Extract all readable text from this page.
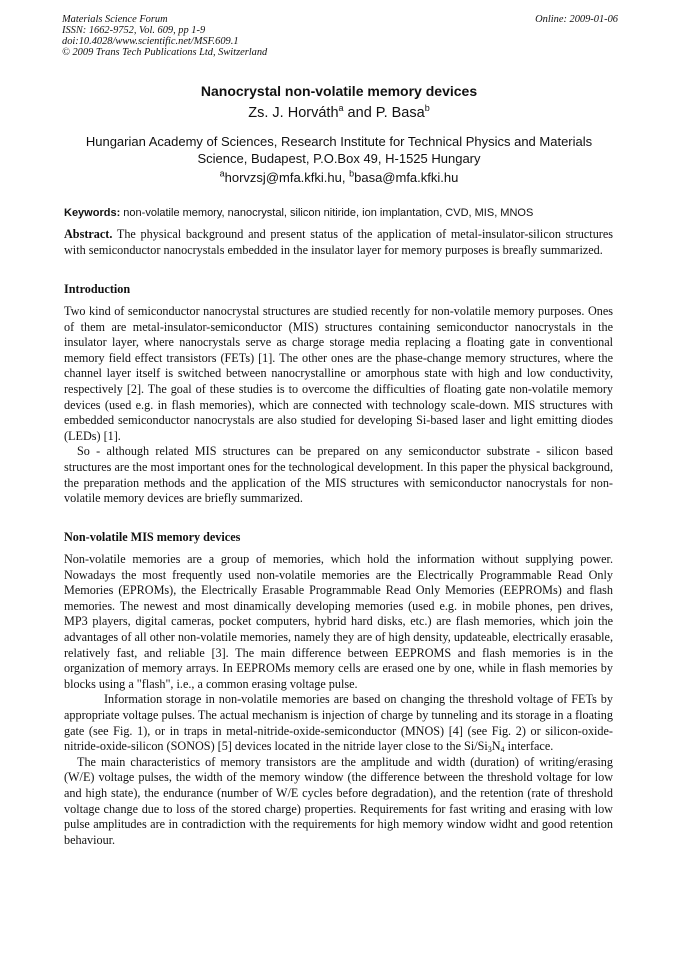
Materials Science Forum
ISSN: 1662-9752, Vol. 609, pp 1-9
doi:10.4028/www.scientific.net/MSF.609.1
© 2009 Trans Tech Publications Ltd, Switzerland
Online: 2009-01-06
Nanocrystal non-volatile memory devices
Zs. J. Horváth$^a$ and P. Basa$^b$
Hungarian Academy of Sciences, Research Institute for Technical Physics and Materials Science, Budapest, P.O.Box 49, H-1525 Hungary
$^a$horvzsj@mfa.kfki.hu, $^b$basa@mfa.kfki.hu
Keywords: non-volatile memory, nanocrystal, silicon nitiride, ion implantation, CVD, MIS, MNOS

Abstract. The physical background and present status of the application of metal-insulator-silicon structures with semiconductor nanocrystals embedded in the insulator layer for memory purposes is breafly summarized.

Introduction

Two kind of semiconductor nanocrystal structures are studied recently for non-volatile memory purposes. Ones of them are metal-insulator-semiconductor (MIS) structures containing semiconductor nanocrystals in the insulator layer, where nanocrystals serve as charge storage media replacing a floating gate in conventional memory field effect transistors (FETs) [1]. The other ones are the phase-change memory structures, where the channel layer itself is switched between nanocrystalline or amorphous state with high and low conductivity, respectively [2]. The goal of these studies is to overcome the difficulties of floating gate non-volatile memory devices (used e.g. in flash memories), which are connected with technology scale-down. MIS structures with embedded semiconductor nanocrystals are also studied for developing Si-based laser and light emitting diodes (LEDs) [1].

So - although related MIS structures can be prepared on any semiconductor substrate - silicon based structures are the most important ones for the technological development. In this paper the physical background, the preparation methods and the application of the MIS structures with semiconductor nanocrystals for non-volatile memory devices are briefly summarized.

Non-volatile MIS memory devices

Non-volatile memories are a group of memories, which hold the information without supplying power. Nowadays the most frequently used non-volatile memories are the Electrically Programmable Read Only Memories (EPROMs), the Electrically Erasable Programmable Read Only Memories (EEPROMs) and flash memories. The newest and most dinamically developing memories (used e.g. in mobile phones, pen drives, MP3 players, digital cameras, pocket computers, hybrid hard disks, etc.) are flash memories, which join the advantages of all other non-volatile memories, namely they are of high density, updateable, electrically erasable, relatively fast, and reliable [3]. The main difference between EEPROMS and flash memories is in the organization of memory arrays. In EEPROMs memory cells are erased one by one, while in flash memories by blocks using a "flash", i.e., a common erasing voltage pulse.

Information storage in non-volatile memories are based on changing the threshold voltage of FETs by appropriate voltage pulses. The actual mechanism is injection of charge by tunneling and its storage in a floating gate (see Fig. 1), or in traps in metal-nitride-oxide-semiconductor (MNOS) [4] (see Fig. 2) or silicon-oxide-nitride-oxide-silicon (SONOS) [5] devices located in the nitride layer close to the $Si/Si_3N_4$ interface.

The main characteristics of memory transistors are the amplitude and width (duration) of writing/erasing (W/E) voltage pulses, the width of the memory window (the difference between the threshold voltage for low and high state), the endurance (number of W/E cycles before degradation), and the retention (rate of threshold voltage change due to loss of the stored charge) properties. Requirements for fast writing and erasing with low pulse amplitudes are in contradiction with the requirements for high memory window widht and good retention behaviour.
